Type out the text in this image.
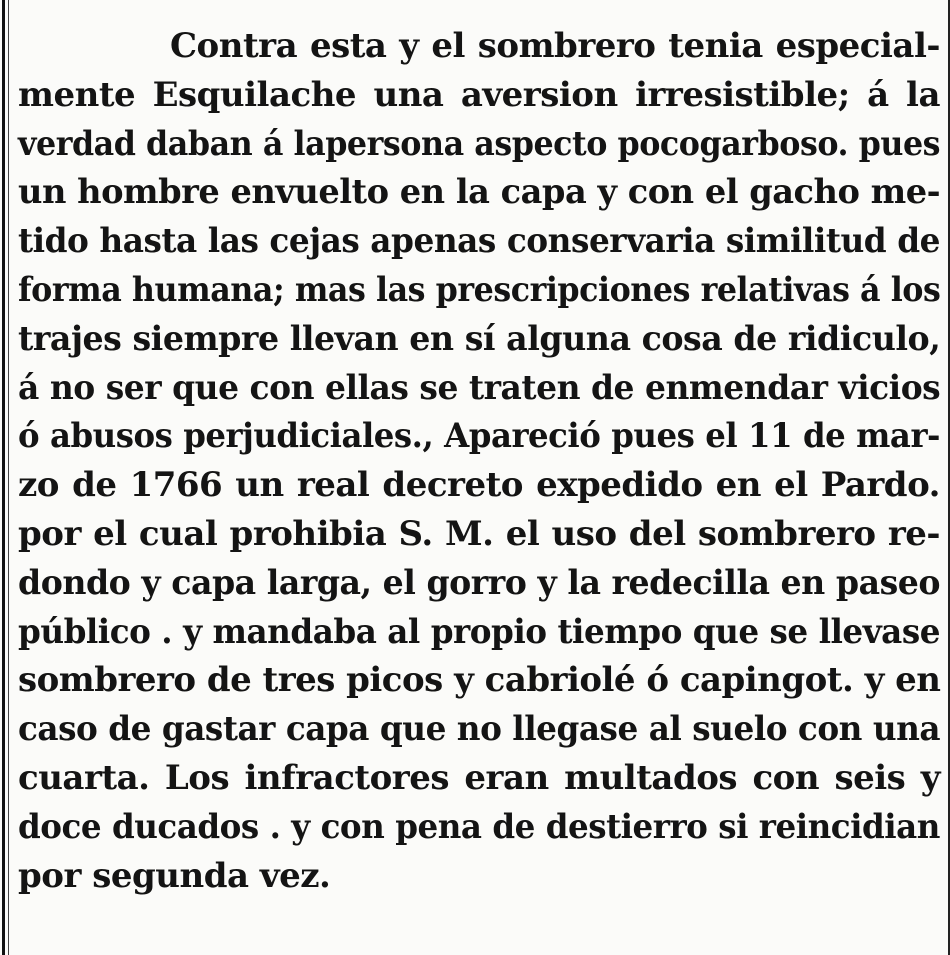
Contra esta y el sombrero tenia especial-
mente Esquilache una aversion irresistible; á la
verdad daban á lapersona aspecto pocogarboso. pues
un hombre envuelto en la capa y con el gacho me-
tido hasta las cejas apenas conservaria similitud de
forma humana; mas las prescripciones relativas á los
trajes siempre llevan en sí alguna cosa de ridiculo,
á no ser que con ellas se traten de enmendar vicios
ó abusos perjudiciales., Apareció pues el 11 de mar-
zo de 1766 un real decreto expedido en el Pardo.
por el cual prohibia S. M. el uso del sombrero re-
dondo y capa larga, el gorro y la redecilla en paseo
público . y mandaba al propio tiempo que se llevase
sombrero de tres picos y cabriolé ó capingot. y en
caso de gastar capa que no llegase al suelo con una
cuarta. Los infractores eran multados con seis y
doce ducados . y con pena de destierro si reincidian
por segunda vez.
